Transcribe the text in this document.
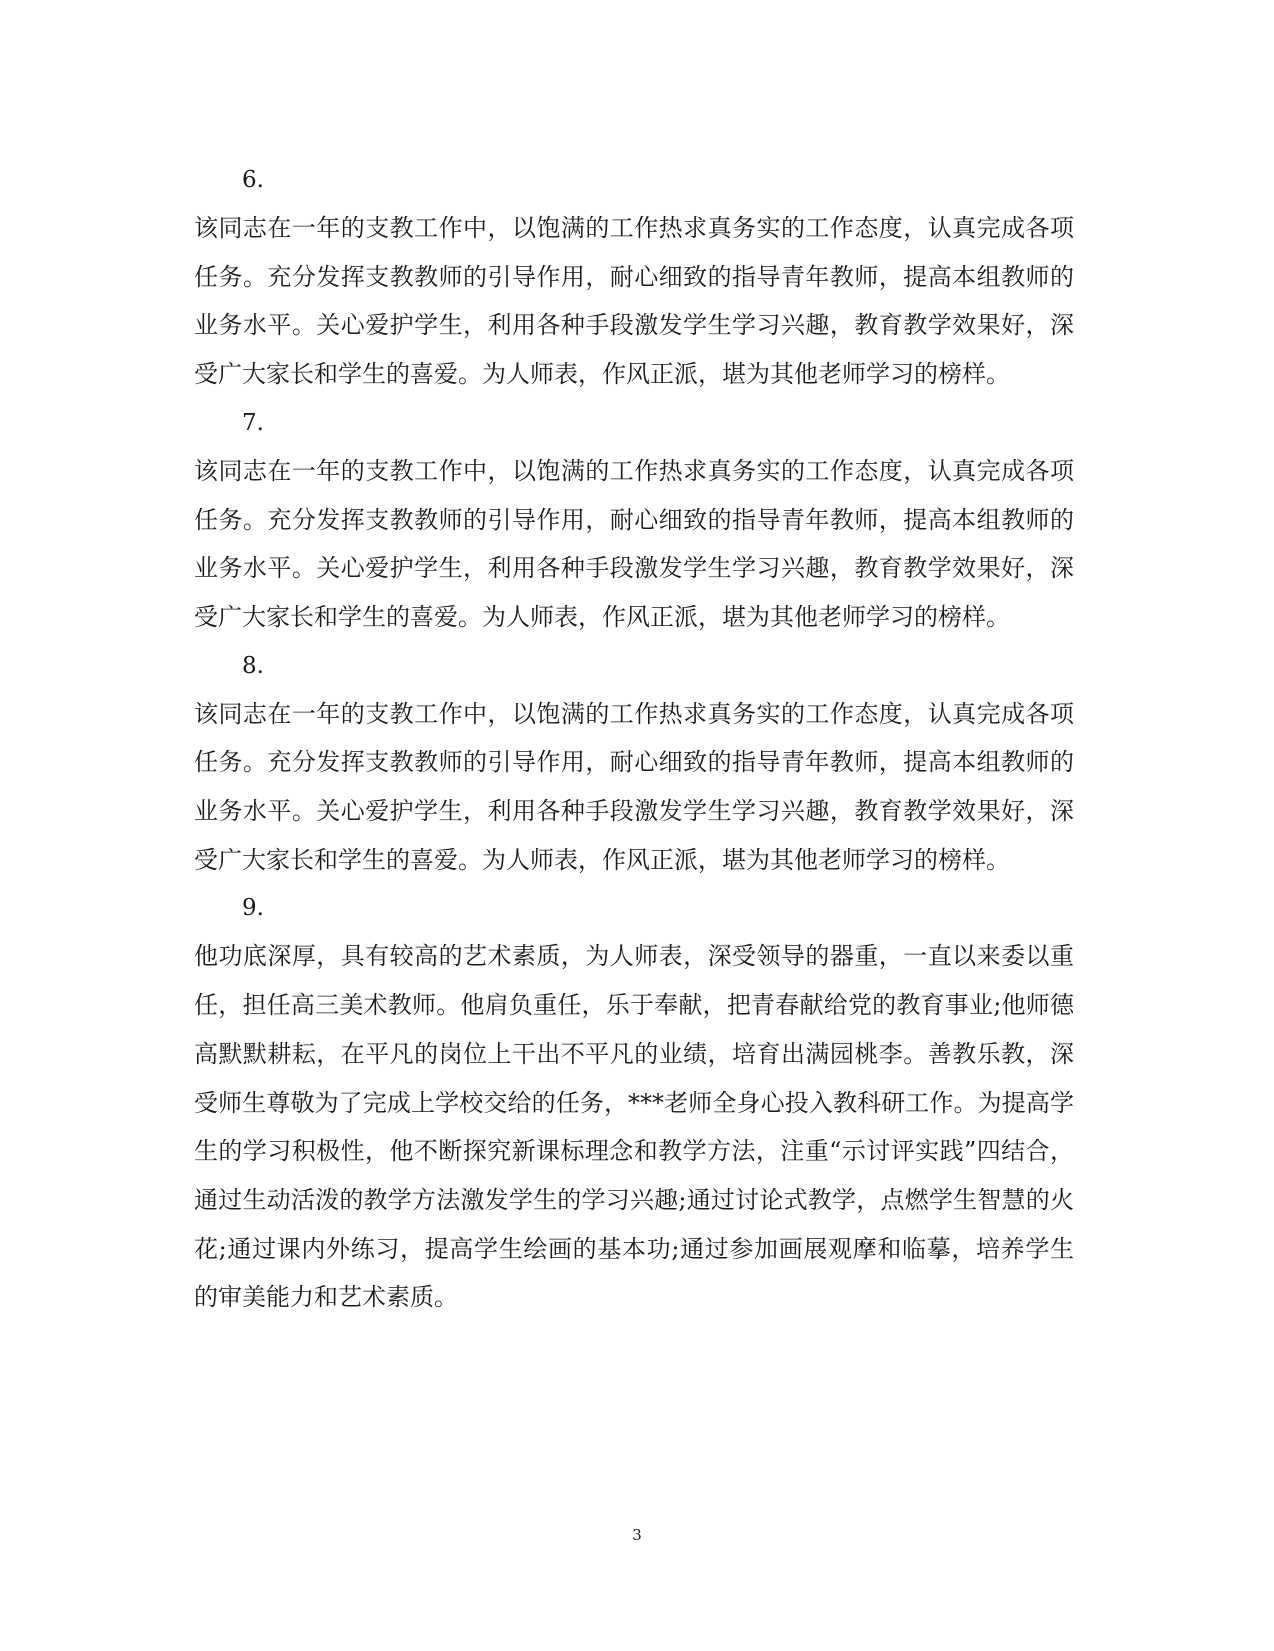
6.

该同志在一年的支教工作中，以饱满的工作热求真务实的工作态度，认真完成各项任务。充分发挥支教教师的引导作用，耐心细致的指导青年教师，提高本组教师的业务水平。关心爱护学生，利用各种手段激发学生学习兴趣，教育教学效果好，深受广大家长和学生的喜爱。为人师表，作风正派，堪为其他老师学习的榜样。

7.

该同志在一年的支教工作中，以饱满的工作热求真务实的工作态度，认真完成各项任务。充分发挥支教教师的引导作用，耐心细致的指导青年教师，提高本组教师的业务水平。关心爱护学生，利用各种手段激发学生学习兴趣，教育教学效果好，深受广大家长和学生的喜爱。为人师表，作风正派，堪为其他老师学习的榜样。

8.

该同志在一年的支教工作中，以饱满的工作热求真务实的工作态度，认真完成各项任务。充分发挥支教教师的引导作用，耐心细致的指导青年教师，提高本组教师的业务水平。关心爱护学生，利用各种手段激发学生学习兴趣，教育教学效果好，深受广大家长和学生的喜爱。为人师表，作风正派，堪为其他老师学习的榜样。

9.

他功底深厚，具有较高的艺术素质，为人师表，深受领导的器重，一直以来委以重任，担任高三美术教师。他肩负重任，乐于奉献，把青春献给党的教育事业;他师德高默默耕耘，在平凡的岗位上干出不平凡的业绩，培育出满园桃李。善教乐教，深受师生尊敬为了完成上学校交给的任务，***老师全身心投入教科研工作。为提高学生的学习积极性，他不断探究新课标理念和教学方法，注重“示讨评实践”四结合，通过生动活泼的教学方法激发学生的学习兴趣;通过讨论式教学，点燃学生智慧的火花;通过课内外练习，提高学生绘画的基本功;通过参加画展观摩和临摹，培养学生的审美能力和艺术素质。

3
